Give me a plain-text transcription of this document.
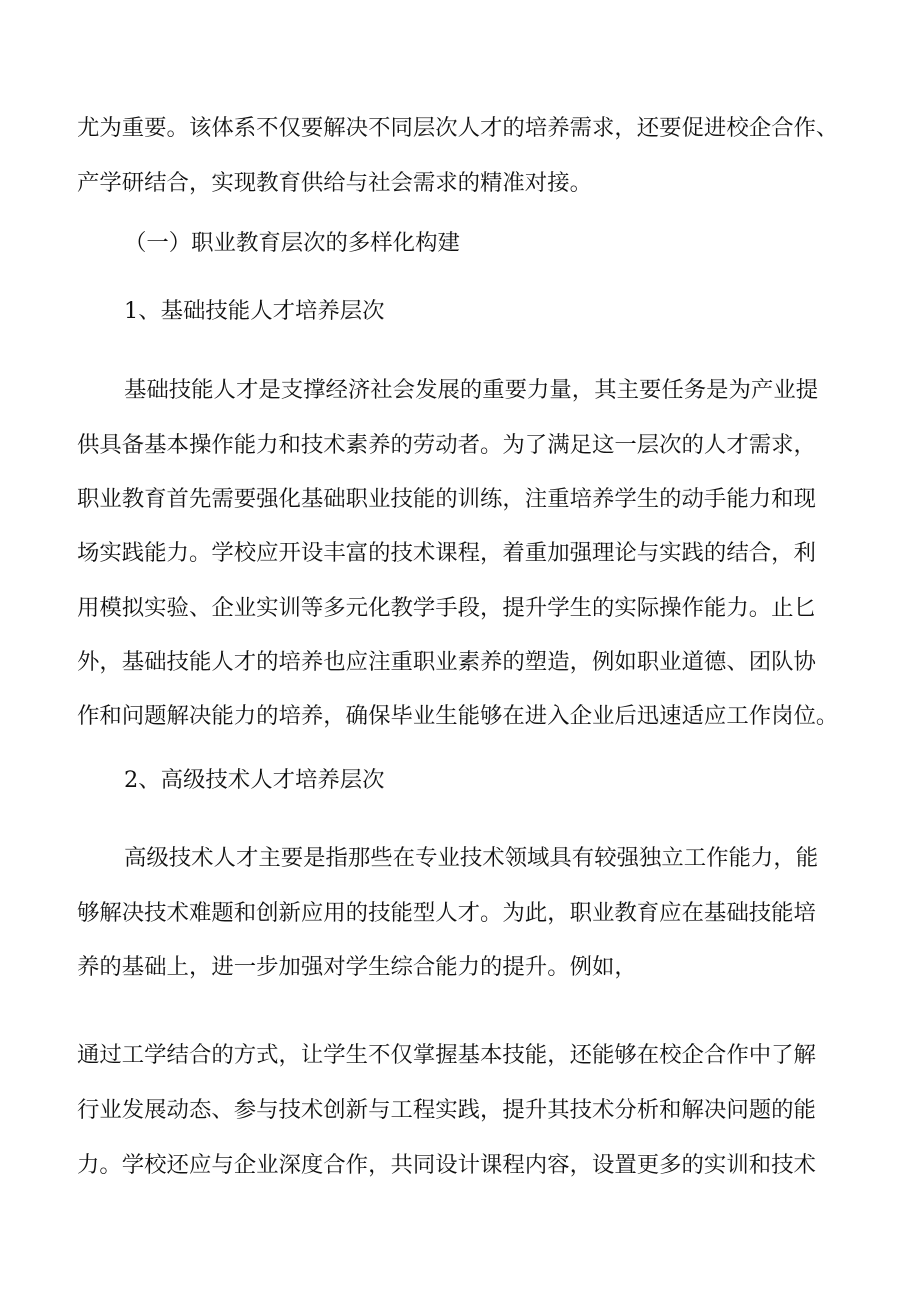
尤为重要。该体系不仅要解决不同层次人才的培养需求，还要促进校企合作、
产学研结合，实现教育供给与社会需求的精准对接。
（一）职业教育层次的多样化构建
1、基础技能人才培养层次
基础技能人才是支撑经济社会发展的重要力量，其主要任务是为产业提
供具备基本操作能力和技术素养的劳动者。为了满足这一层次的人才需求，
职业教育首先需要强化基础职业技能的训练，注重培养学生的动手能力和现
场实践能力。学校应开设丰富的技术课程，着重加强理论与实践的结合，利
用模拟实验、企业实训等多元化教学手段，提升学生的实际操作能力。止匕
外，基础技能人才的培养也应注重职业素养的塑造，例如职业道德、团队协
作和问题解决能力的培养，确保毕业生能够在进入企业后迅速适应工作岗位。
2、高级技术人才培养层次
高级技术人才主要是指那些在专业技术领域具有较强独立工作能力，能
够解决技术难题和创新应用的技能型人才。为此，职业教育应在基础技能培
养的基础上，进一步加强对学生综合能力的提升。例如，
通过工学结合的方式，让学生不仅掌握基本技能，还能够在校企合作中了解
行业发展动态、参与技术创新与工程实践，提升其技术分析和解决问题的能
力。学校还应与企业深度合作，共同设计课程内容，设置更多的实训和技术
